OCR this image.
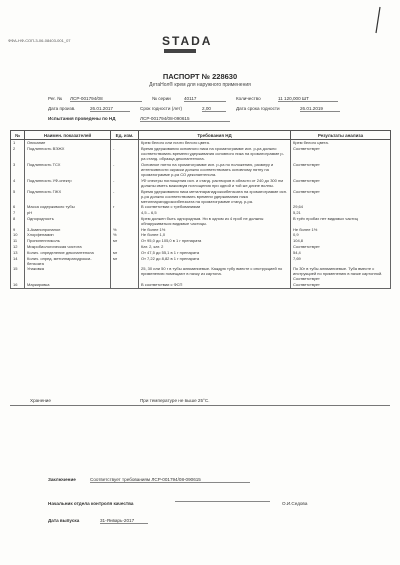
ФФА-НФ-СОП-3-06-08403-001_07	STADA
ПАСПОРТ № 228630
ДетаНол® крем для наружного применения
Рег. № ЛСР-001794/08	№ серии	40117	Количество	11 120,000 ШТ
Дата произв.	26.01.2017	Срок годности (лет)	2,00	Дата срока годности	26.01.2019
Испытания проведены по НД	ЛСР-001794/08-090615
№	Наимен. показателей	Ед. изм.	Требования НД	Результаты анализа
1	Описание		Крем белого или почти белого цвета.	Крем белого цвета.
2	Подлинность ВЭЖХ	-	Время удерживания основного пика на хроматограмме исп. р-ра должно соответствовать времени удерживания основного пика на хроматограмме р-ра станд. образца декспантенола.	Соответствует
3	Подлинность ТСХ	-	Основное пятно на хроматограмме исп. р-ра по положению, размеру и интенсивности окраски должно соответствовать основному пятну на хроматограмме р-ра СО декспантенола.	Соответствует
4	Подлинность УФ-спектр	-	УФ спектры поглощения исп. и станд. растворов в области от 240 до 300 нм должны иметь максимум поглощения при одной и той же длине волны.	Соответствует
5	Подлинность ГЖХ	-	Время удерживания пика метилпарагидроксибензоата на хроматограмме исп. р-ра должно соответствовать времени удерживания пика метилпарагидроксибензоата на хроматограмме станд. р-ра.	Соответствует
6	Масса содержимого тубы	г	В соответствии с требованиями	29,64
7	pH		4,5 – 6,5	5,21
8	Однородность		Крем должен быть однородным. Ни в одном из 4 проб не должны обнаруживаться видимые частицы.	В трёх пробах нет видимых частиц
9	3-Аминопропанол	%	Не более 1%	Не более 1%
10	Хлорфенамин	%	Не более 1,0	0,9
11	Пропиленгликоль	мг	От 95,0 до 105,0 в 1 г препарата	104,8
12	Микробиологическая чистота		Кат. 2, кат. 2	Соответствует
13	Колич. определение декспантенола	мг	От 47,5 до 55,1 в 1 г препарата	54,4
14	Колич. опред. метилпарагидрокси-бензоата	мг	От 7,22 до 8,82 в 1 г препарата	7,69
15	Упаковка		25, 30 или 50 г в тубы алюминиевые. Каждую тубу вместе с инструкцией по применению помещают в пачку из картона.	По 30г в тубы алюминиевые. Туба вместе с инструкцией по применению в пачке картонной. Соответствует
16	Маркировка		В соответствии с ФСП	Соответствует
Хранение	При температуре не выше 25°С.
Заключение	Соответствует требованиям ЛСР-001794/08-090615
Начальник отдела контроля качества	О.И.Седова
Дата выпуска	31-Январь-2017
